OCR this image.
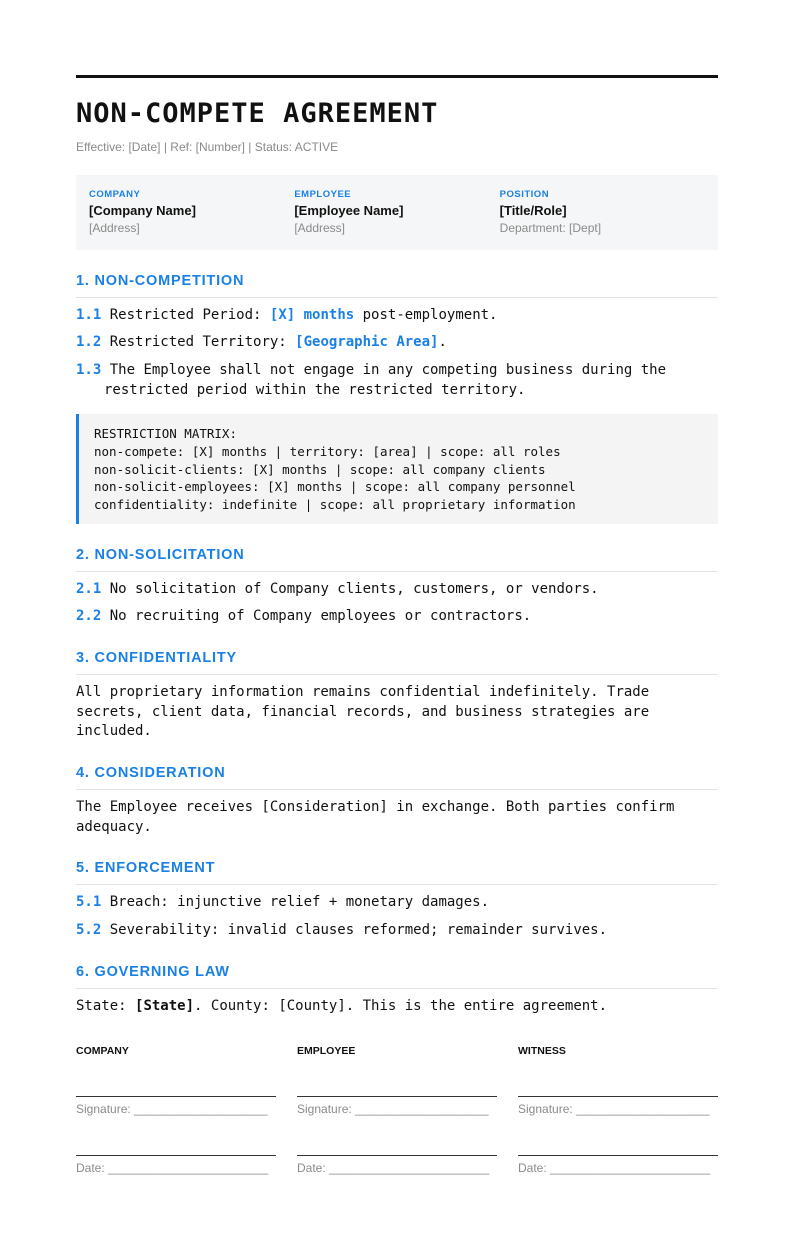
NON-COMPETE AGREEMENT
Effective: [Date] | Ref: [Number] | Status: ACTIVE
COMPANY
[Company Name]
[Address]
EMPLOYEE
[Employee Name]
[Address]
POSITION
[Title/Role]
Department: [Dept]
1. NON-COMPETITION
1.1 Restricted Period: [X] months post-employment.
1.2 Restricted Territory: [Geographic Area].
1.3 The Employee shall not engage in any competing business during the
restricted period within the restricted territory.
RESTRICTION MATRIX:
non-compete: [X] months | territory: [area] | scope: all roles
non-solicit-clients: [X] months | scope: all company clients
non-solicit-employees: [X] months | scope: all company personnel
confidentiality: indefinite | scope: all proprietary information
2. NON-SOLICITATION
2.1 No solicitation of Company clients, customers, or vendors.
2.2 No recruiting of Company employees or contractors.
3. CONFIDENTIALITY
All proprietary information remains confidential indefinitely. Trade
secrets, client data, financial records, and business strategies are
included.
4. CONSIDERATION
The Employee receives [Consideration] in exchange. Both parties confirm
adequacy.
5. ENFORCEMENT
5.1 Breach: injunctive relief + monetary damages.
5.2 Severability: invalid clauses reformed; remainder survives.
6. GOVERNING LAW
State: [State]. County: [County]. This is the entire agreement.
COMPANY
Signature: ____________________
Date: ________________________
EMPLOYEE
Signature: ____________________
Date: ________________________
WITNESS
Signature: ____________________
Date: ________________________
